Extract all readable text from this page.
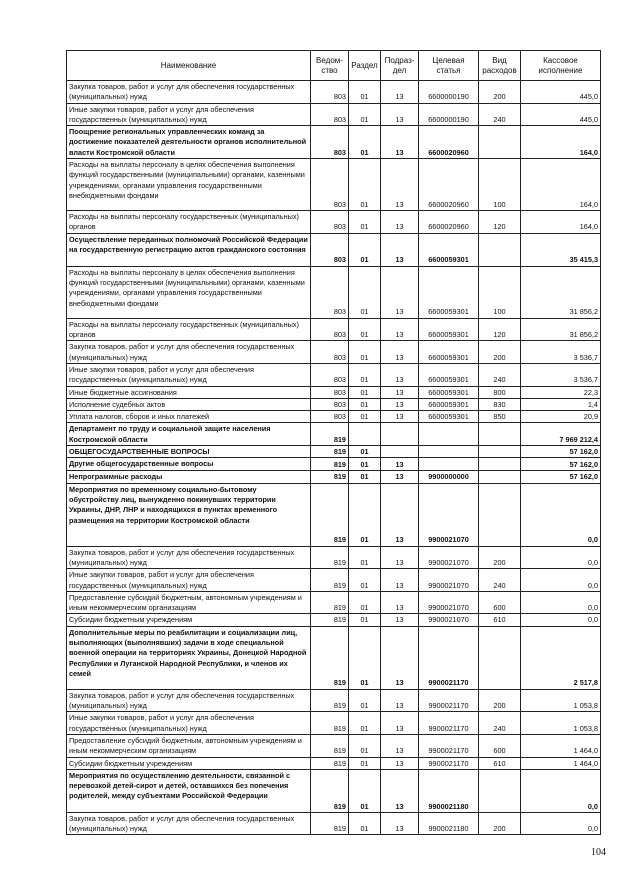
Наименование	Ведом-ство	Раздел	Подраз-дел	Целевая статья	Вид расходов	Кассовое исполнение
Закупка товаров, работ и услуг для обеспечения государственных (муниципальных) нужд	803	01	13	6600000190	200	445,0
Иные закупки товаров, работ и услуг для обеспечения государственных (муниципальных) нужд	803	01	13	6600000190	240	445,0
Поощрение региональных управленческих команд за достижение показателей деятельности органов исполнительной власти Костромской области	803	01	13	6600020960		164,0
Расходы на выплаты персоналу в целях обеспечения выполнения функций государственными (муниципальными) органами, казенными учреждениями, органами управления государственными внебюджетными фондами	803	01	13	6600020960	100	164,0
Расходы на выплаты персоналу государственных (муниципальных) органов	803	01	13	6600020960	120	164,0
Осуществление переданных полномочий Российской Федерации на государственную регистрацию актов гражданского состояния	803	01	13	6600059301		35 415,3
Расходы на выплаты персоналу в целях обеспечения выполнения функций государственными (муниципальными) органами, казенными учреждениями, органами управления государственными внебюджетными фондами	803	01	13	6600059301	100	31 856,2
Расходы на выплаты персоналу государственных (муниципальных) органов	803	01	13	6600059301	120	31 856,2
Закупка товаров, работ и услуг для обеспечения государственных (муниципальных) нужд	803	01	13	6600059301	200	3 536,7
Иные закупки товаров, работ и услуг для обеспечения государственных (муниципальных) нужд	803	01	13	6600059301	240	3 536,7
Иные бюджетные ассигнования	803	01	13	6600059301	800	22,3
Исполнение судебных актов	803	01	13	6600059301	830	1,4
Уплата налогов, сборов и иных платежей	803	01	13	6600059301	850	20,9
Департамент по труду и социальной защите населения Костромской области	819					7 969 212,4
ОБЩЕГОСУДАРСТВЕННЫЕ ВОПРОСЫ	819	01				57 162,0
Другие общегосударственные вопросы	819	01	13			57 162,0
Непрограммные расходы	819	01	13	9900000000		57 162,0
Мероприятия по временному социально-бытовому обустройству лиц, вынужденно покинувших территории Украины, ДНР, ЛНР и находящихся в пунктах временного размещения на территории Костромской области	819	01	13	9900021070		0,0
Закупка товаров, работ и услуг для обеспечения государственных (муниципальных) нужд	819	01	13	9900021070	200	0,0
Иные закупки товаров, работ и услуг для обеспечения государственных (муниципальных) нужд	819	01	13	9900021070	240	0,0
Предоставление субсидий бюджетным, автономным учреждениям и иным некоммерческим организациям	819	01	13	9900021070	600	0,0
Субсидии бюджетным учреждениям	819	01	13	9900021070	610	0,0
Дополнительные меры по реабилитации и социализации лиц, выполняющих (выполнявших) задачи в ходе специальной военной операции на территориях Украины, Донецкой Народной Республики и Луганской Народной Республики, и членов их семей	819	01	13	9900021170		2 517,8
Закупка товаров, работ и услуг для обеспечения государственных (муниципальных) нужд	819	01	13	9900021170	200	1 053,8
Иные закупки товаров, работ и услуг для обеспечения государственных (муниципальных) нужд	819	01	13	9900021170	240	1 053,8
Предоставление субсидий бюджетным, автономным учреждениям и иным некоммерческим организациям	819	01	13	9900021170	600	1 464,0
Субсидии бюджетным учреждениям	819	01	13	9900021170	610	1 464,0
Мероприятия по осуществлению деятельности, связанной с перевозкой детей-сирот и детей, оставшихся без попечения родителей, между субъектами Российской Федерации	819	01	13	9900021180		0,0
Закупка товаров, работ и услуг для обеспечения государственных (муниципальных) нужд	819	01	13	9900021180	200	0,0
104
